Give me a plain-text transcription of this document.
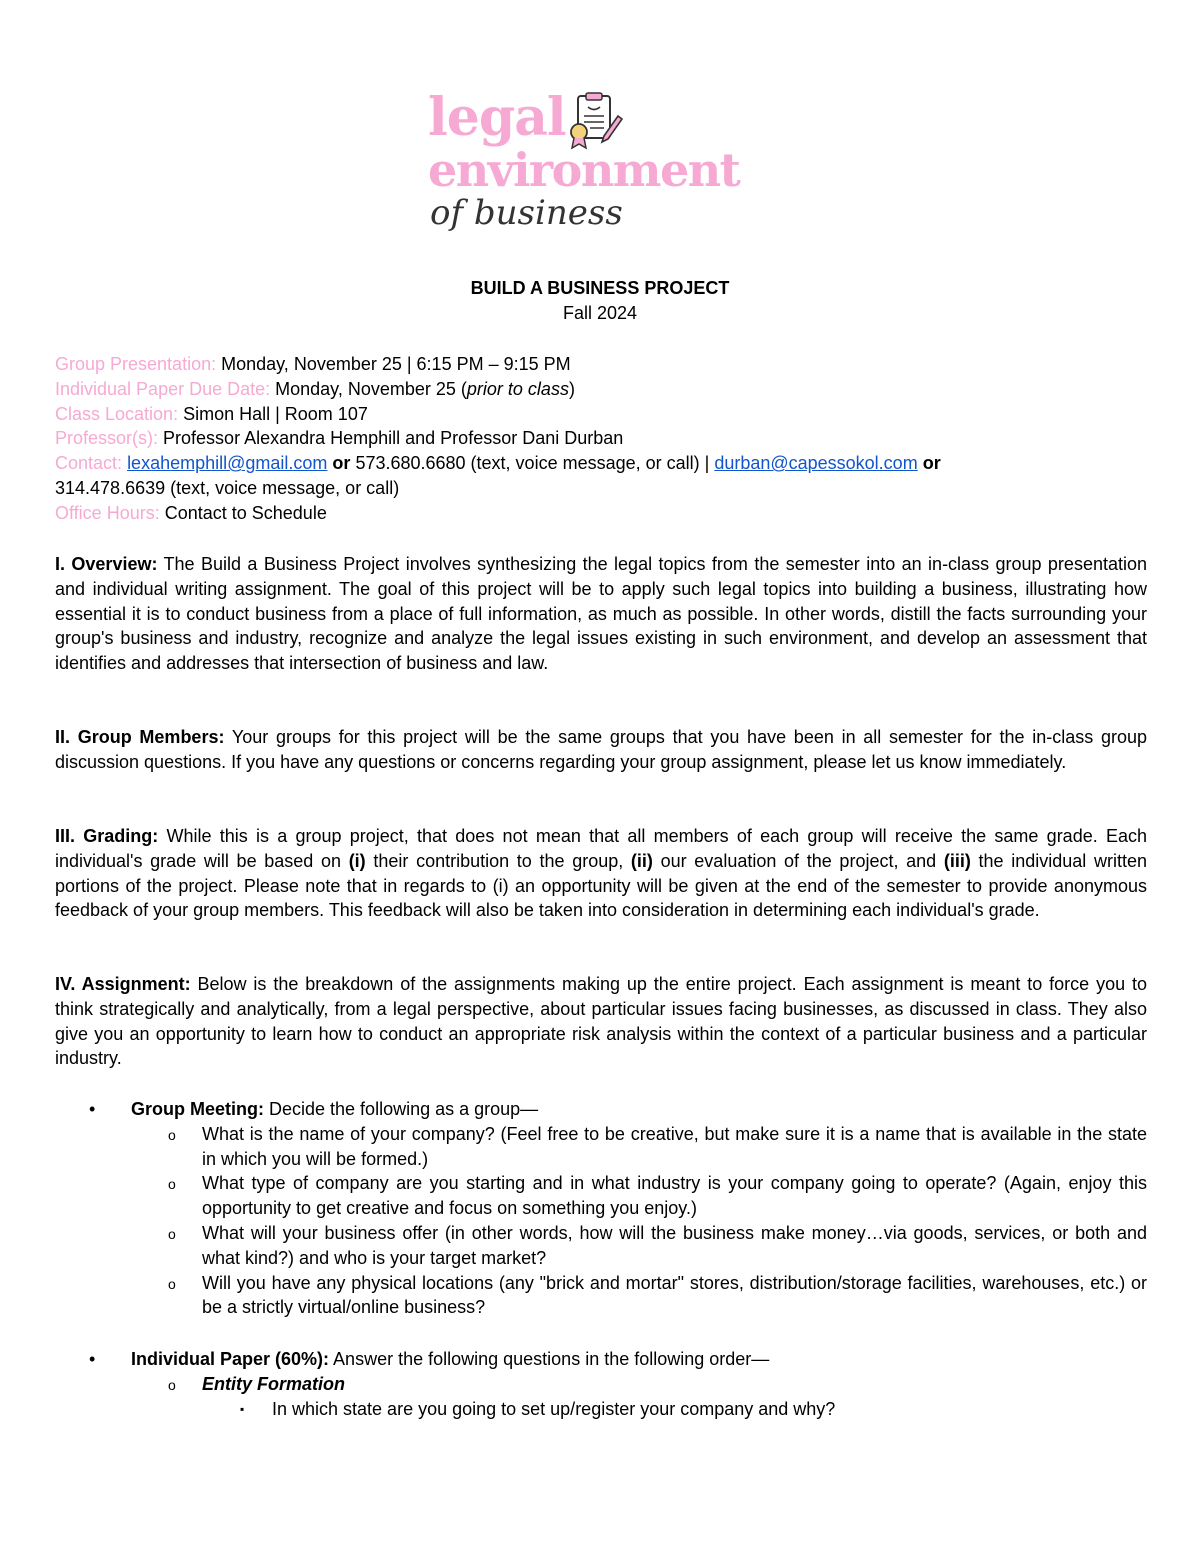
legal
environment
of business
BUILD A BUSINESS PROJECT
Fall 2024
Group Presentation: Monday, November 25 | 6:15 PM – 9:15 PM
Individual Paper Due Date: Monday, November 25 (prior to class)
Class Location: Simon Hall | Room 107
Professor(s): Professor Alexandra Hemphill and Professor Dani Durban
Contact: lexahemphill@gmail.com or 573.680.6680 (text, voice message, or call) | durban@capessokol.com or
314.478.6639 (text, voice message, or call)
Office Hours: Contact to Schedule
I. Overview: The Build a Business Project involves synthesizing the legal topics from the semester into an in-class group presentation and individual writing assignment. The goal of this project will be to apply such legal topics into building a business, illustrating how essential it is to conduct business from a place of full information, as much as possible. In other words, distill the facts surrounding your group's business and industry, recognize and analyze the legal issues existing in such environment, and develop an assessment that identifies and addresses that intersection of business and law.
II. Group Members: Your groups for this project will be the same groups that you have been in all semester for the in-class group discussion questions. If you have any questions or concerns regarding your group assignment, please let us know immediately.
III. Grading: While this is a group project, that does not mean that all members of each group will receive the same grade. Each individual's grade will be based on (i) their contribution to the group, (ii) our evaluation of the project, and (iii) the individual written portions of the project. Please note that in regards to (i) an opportunity will be given at the end of the semester to provide anonymous feedback of your group members. This feedback will also be taken into consideration in determining each individual's grade.
IV. Assignment: Below is the breakdown of the assignments making up the entire project. Each assignment is meant to force you to think strategically and analytically, from a legal perspective, about particular issues facing businesses, as discussed in class. They also give you an opportunity to learn how to conduct an appropriate risk analysis within the context of a particular business and a particular industry.
• Group Meeting: Decide the following as a group—
o What is the name of your company? (Feel free to be creative, but make sure it is a name that is available in the state in which you will be formed.)
o What type of company are you starting and in what industry is your company going to operate? (Again, enjoy this opportunity to get creative and focus on something you enjoy.)
o What will your business offer (in other words, how will the business make money…via goods, services, or both and what kind?) and who is your target market?
o Will you have any physical locations (any "brick and mortar" stores, distribution/storage facilities, warehouses, etc.) or be a strictly virtual/online business?
• Individual Paper (60%): Answer the following questions in the following order—
o Entity Formation
▪ In which state are you going to set up/register your company and why?
